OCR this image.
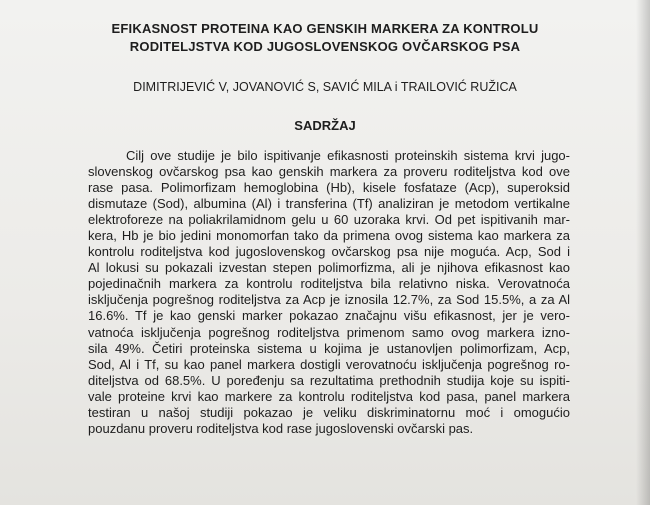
EFIKASNOST PROTEINA KAO GENSKIH MARKERA ZA KONTROLU
RODITELJSTVA KOD JUGOSLOVENSKOG OVČARSKOG PSA

DIMITRIJEVIĆ V, JOVANOVIĆ S, SAVIĆ MILA i TRAILOVIĆ RUŽICA

SADRŽAJ
Cilj ove studije je bilo ispitivanje efikasnosti proteinskih sistema krvi jugo-
slovenskog ovčarskog psa kao genskih markera za proveru roditeljstva kod ove
rase pasa. Polimorfizam hemoglobina (Hb), kisele fosfataze (Acp), superoksid
dismutaze (Sod), albumina (Al) i transferina (Tf) analiziran je metodom vertikalne
elektroforeze na poliakrilamidnom gelu u 60 uzoraka krvi. Od pet ispitivanih mar-
kera, Hb je bio jedini monomorfan tako da primena ovog sistema kao markera za
kontrolu roditeljstva kod jugoslovenskog ovčarskog psa nije moguća. Acp, Sod i
Al lokusi su pokazali izvestan stepen polimorfizma, ali je njihova efikasnost kao
pojedinačnih markera za kontrolu roditeljstva bila relativno niska. Verovatnoća
isključenja pogrešnog roditeljstva za Acp je iznosila 12.7%, za Sod 15.5%, a za Al
16.6%. Tf je kao genski marker pokazao značajnu višu efikasnost, jer je vero-
vatnoća isključenja pogrešnog roditeljstva primenom samo ovog markera izno-
sila 49%. Četiri proteinska sistema u kojima je ustanovljen polimorfizam, Acp,
Sod, Al i Tf, su kao panel markera dostigli verovatnoću isključenja pogrešnog ro-
diteljstva od 68.5%. U poređenju sa rezultatima prethodnih studija koje su ispiti-
vale proteine krvi kao markere za kontrolu roditeljstva kod pasa, panel markera
testiran u našoj studiji pokazao je veliku diskriminatornu moć i omogućio
pouzdanu proveru roditeljstva kod rase jugoslovenski ovčarski pas.
